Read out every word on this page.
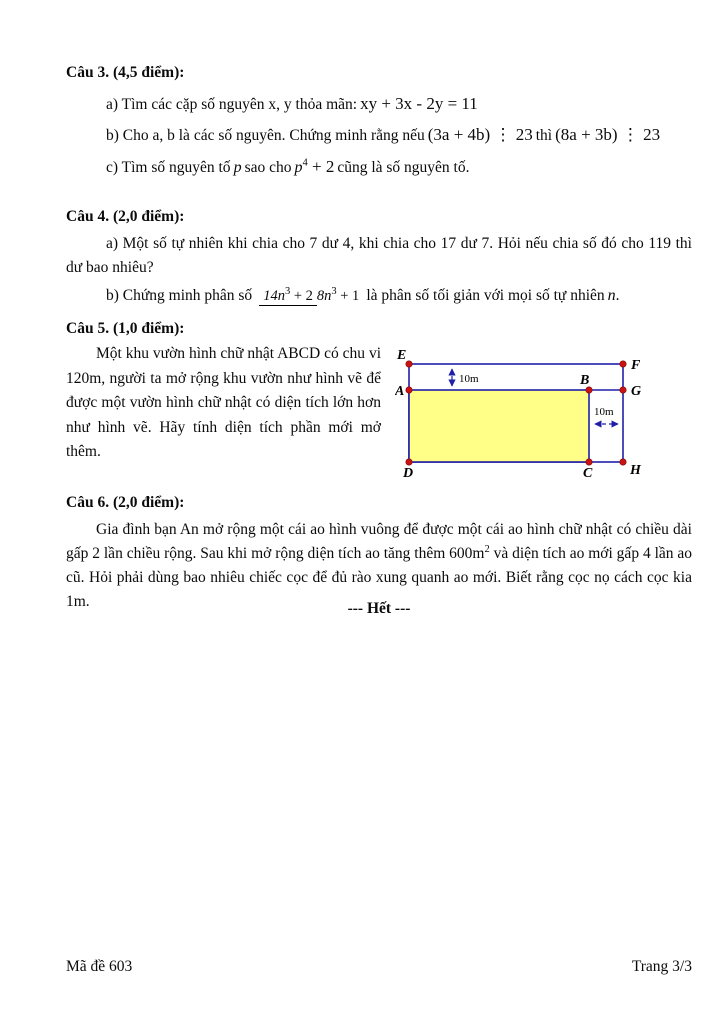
Câu 3. (4,5 điểm):
a) Tìm các cặp số nguyên x, y thỏa mãn: xy + 3x - 2y = 11
b) Cho a, b là các số nguyên. Chứng minh rằng nếu (3a + 4b) ⋮ 23 thì (8a + 3b) ⋮ 23
c) Tìm số nguyên tố p sao cho $p^4 + 2$ cũng là số nguyên tố.
Câu 4. (2,0 điểm):
a) Một số tự nhiên khi chia cho 7 dư 4, khi chia cho 17 dư 7. Hỏi nếu chia số đó cho 119 thì dư bao nhiêu?
b) Chứng minh phân số $14n^3 + 2$ $8n^3 + 1$ là phân số tối giản với mọi số tự nhiên n.
Câu 5. (1,0 điểm):
Một khu vườn hình chữ nhật ABCD có chu vi 120m, người ta mở rộng khu vườn như hình vẽ để được một vườn hình chữ nhật có diện tích lớn hơn như hình vẽ. Hãy tính diện tích phần mới mở thêm.
E
F
A
B
G
D	C	H
10m
10m
Câu 6. (2,0 điểm):
Gia đình bạn An mở rộng một cái ao hình vuông để được một cái ao hình chữ nhật có chiều dài gấp 2 lần chiều rộng. Sau khi mở rộng diện tích ao tăng thêm $600m^2$ và diện tích ao mới gấp 4 lần ao cũ. Hỏi phải dùng bao nhiêu chiếc cọc để đủ rào xung quanh ao mới. Biết rằng cọc nọ cách cọc kia 1m.	--- Hết ---
Mã đề 603	Trang 3/3
